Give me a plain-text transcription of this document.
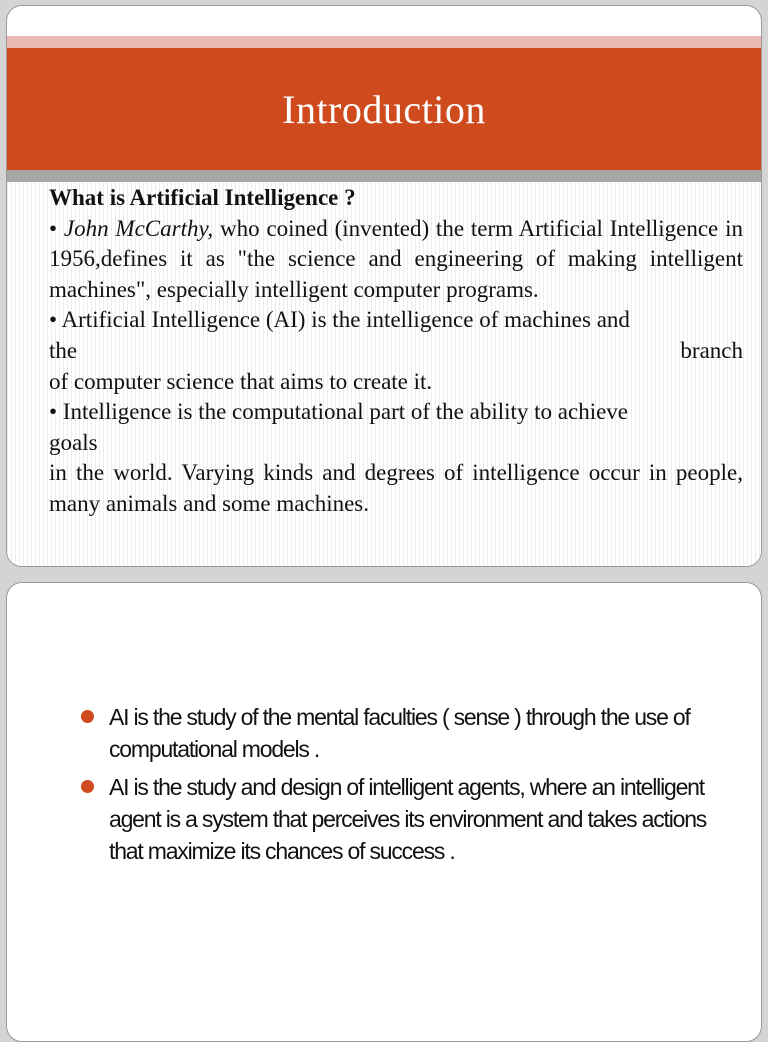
Introduction

What is Artificial Intelligence ?

• John McCarthy, who coined (invented) the term Artificial Intelligence in 1956,defines it as "the science and engineering of making intelligent machines", especially intelligent computer programs.

• Artificial Intelligence (AI) is the intelligence of machines and

the	branch

of computer science that aims to create it.

• Intelligence is the computational part of the ability to achieve

goals

in the world. Varying kinds and degrees of intelligence occur in people, many animals and some machines.

AI is the study of the mental faculties ( sense ) through the use of computational models .
AI is the study and design of intelligent agents, where an intelligent agent is a system that perceives its environment and takes actions that maximize its chances of success .
